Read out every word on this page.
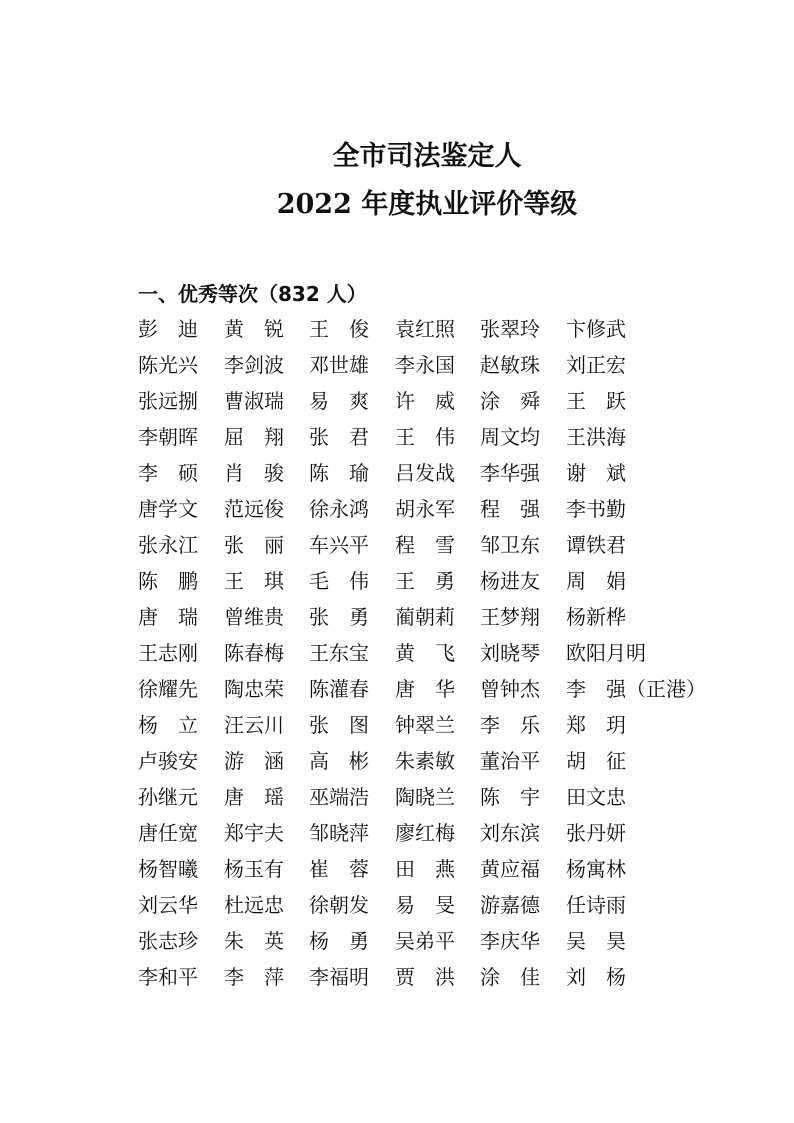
全市司法鉴定人
2022 年度执业评价等级
一、优秀等次（832 人）
彭　迪	黄　锐	王　俊	袁红照	张翠玲	卞修武
陈光兴	李剑波	邓世雄	李永国	赵敏珠	刘正宏
张远捌	曹淑瑞	易　爽	许　威	涂　舜	王　跃
李朝晖	屈　翔	张　君	王　伟	周文均	王洪海
李　硕	肖　骏	陈　瑜	吕发战	李华强	谢　斌
唐学文	范远俊	徐永鸿	胡永军	程　强	李书勤
张永江	张　丽	车兴平	程　雪	邹卫东	谭铁君
陈　鹏	王　琪	毛　伟	王　勇	杨进友	周　娟
唐　瑞	曾维贵	张　勇	蔺朝莉	王梦翔	杨新桦
王志刚	陈春梅	王东宝	黄　飞	刘晓琴	欧阳月明
徐耀先	陶忠荣	陈灌春	唐　华	曾钟杰	李　强（正港）
杨　立	汪云川	张　图	钟翠兰	李　乐	郑　玥
卢骏安	游　涵	高　彬	朱素敏	董治平	胡　征
孙继元	唐　瑶	巫端浩	陶晓兰	陈　宇	田文忠
唐任宽	郑宇夫	邹晓萍	廖红梅	刘东滨	张丹妍
杨智曦	杨玉有	崔　蓉	田　燕	黄应福	杨寓林
刘云华	杜远忠	徐朝发	易　旻	游嘉德	任诗雨
张志珍	朱　英	杨　勇	吴弟平	李庆华	吴　昊
李和平	李　萍	李福明	贾　洪	涂　佳	刘　杨
